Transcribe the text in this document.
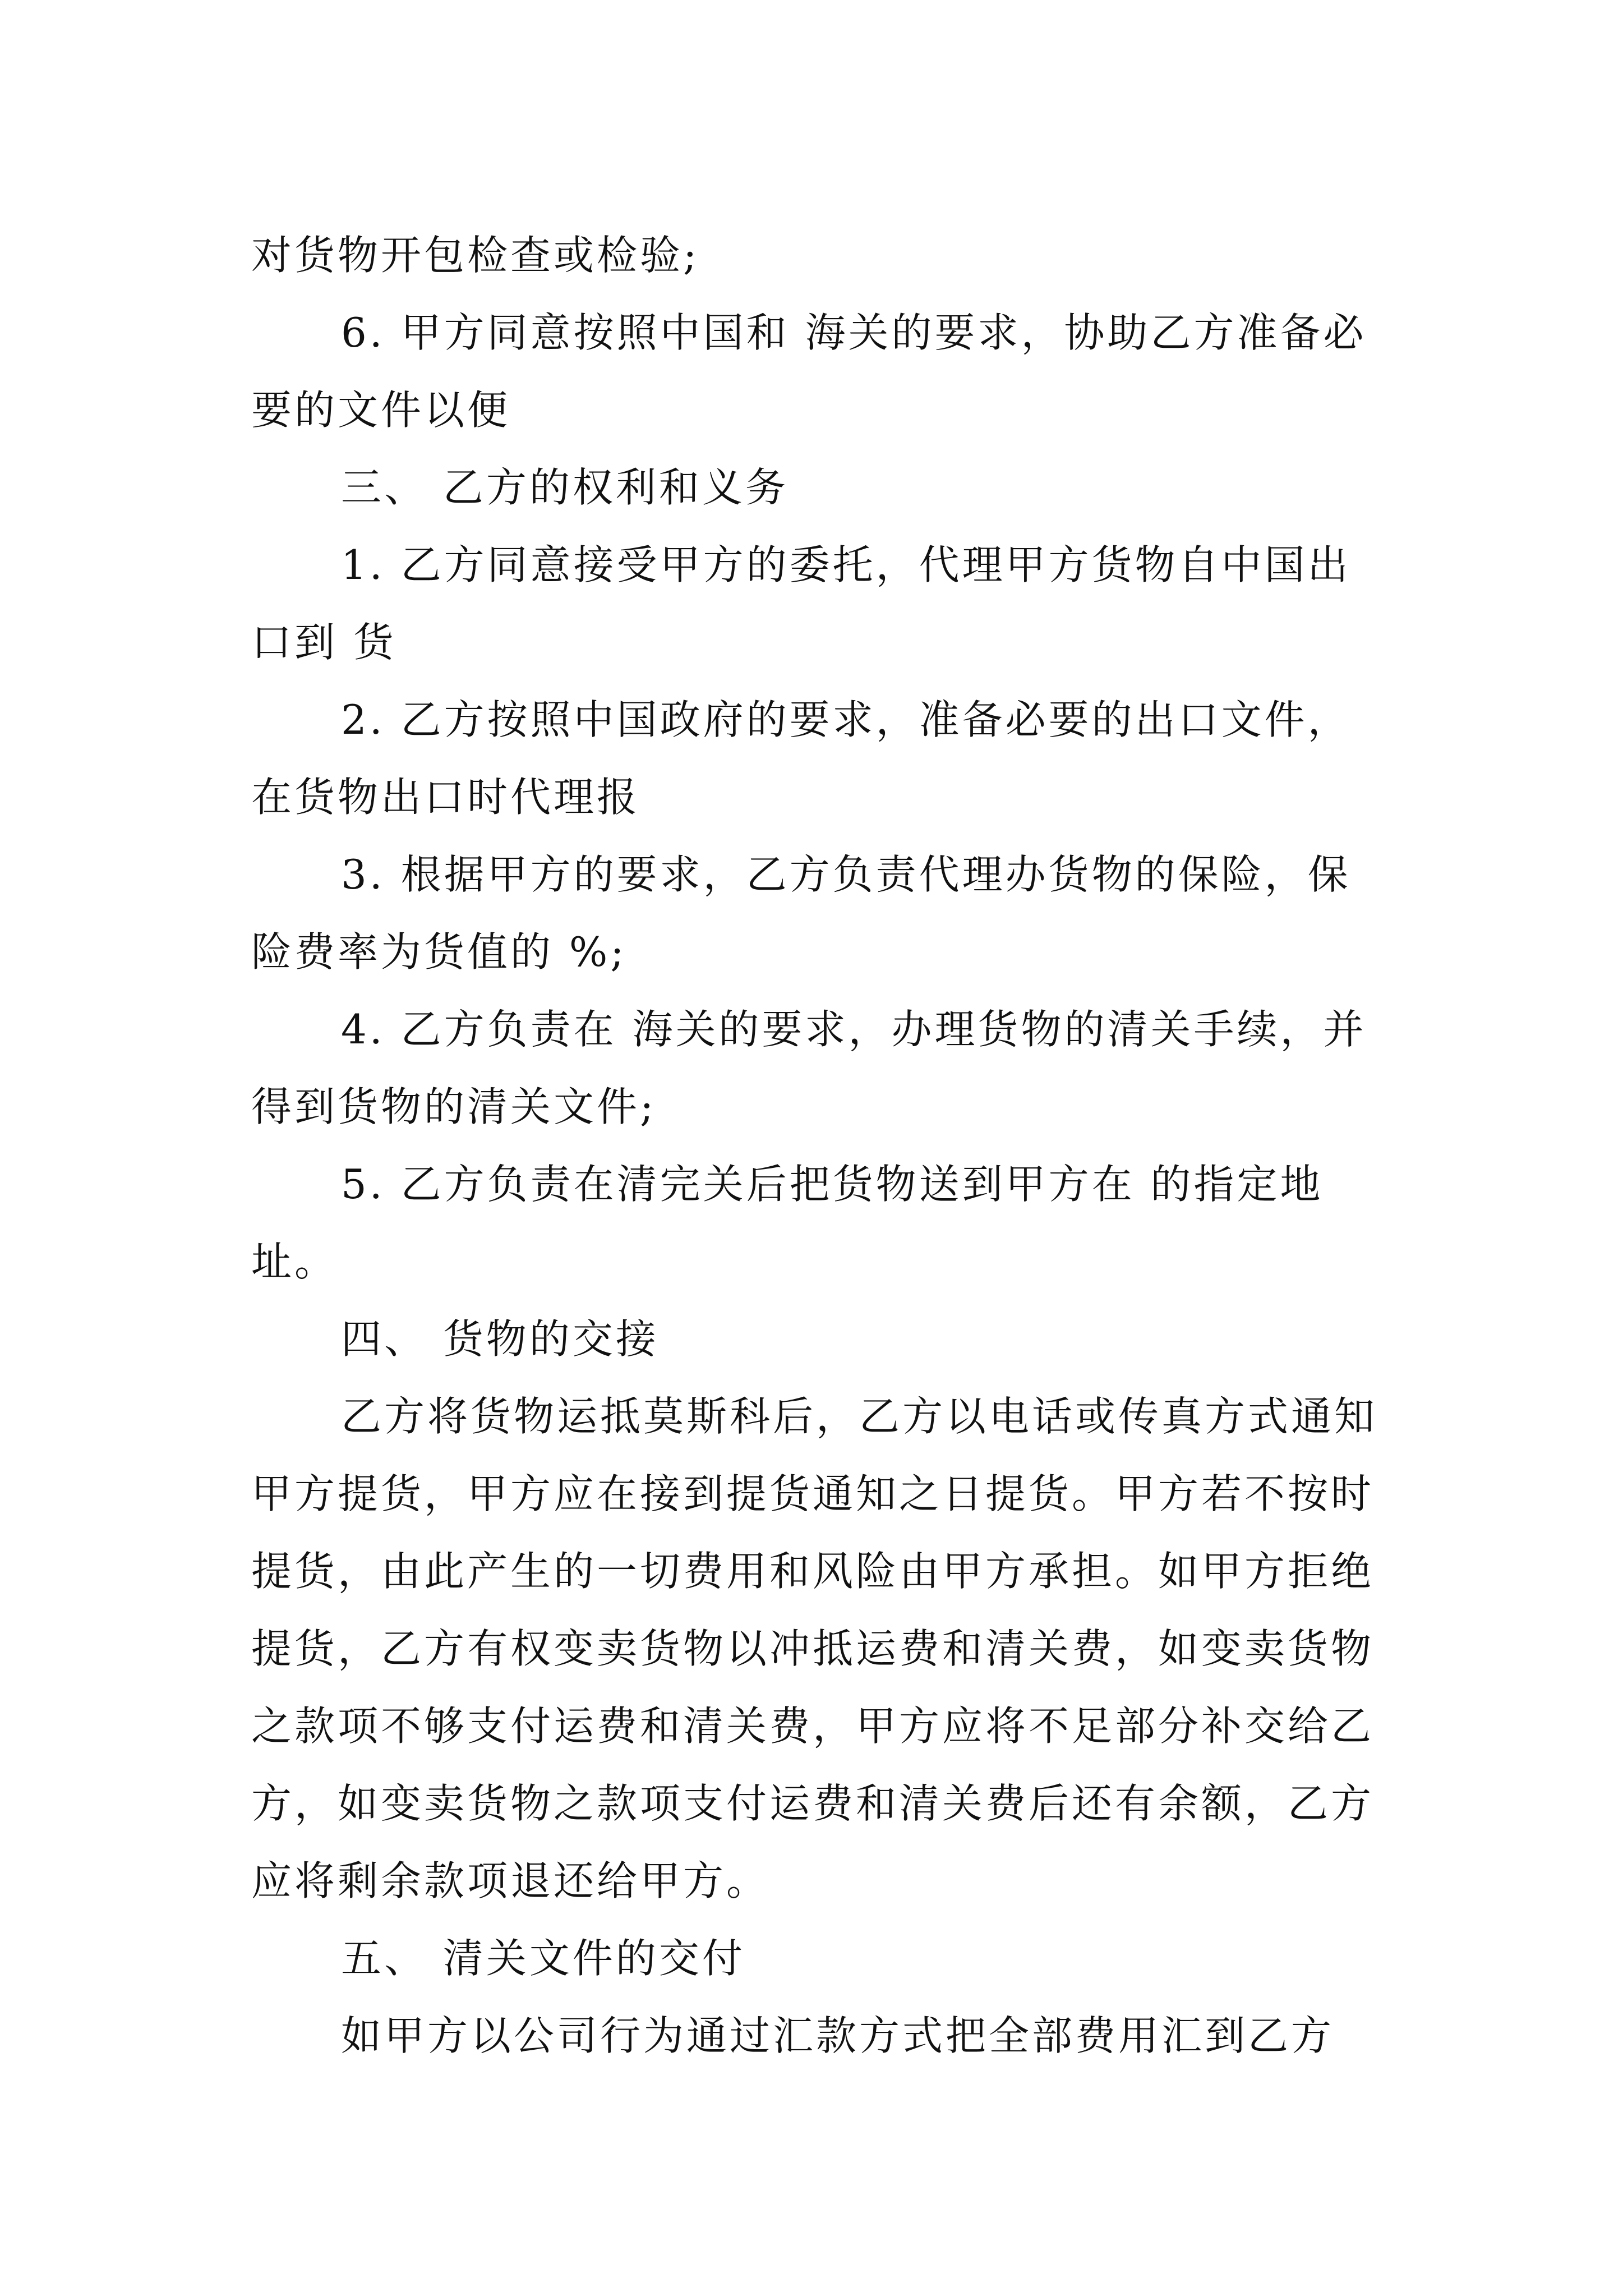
对货物开包检查或检验;
6. 甲方同意按照中国和 海关的要求，协助乙方准备必
要的文件以便
三、 乙方的权利和义务
1. 乙方同意接受甲方的委托，代理甲方货物自中国出
口到 货
2. 乙方按照中国政府的要求，准备必要的出口文件，
在货物出口时代理报
3. 根据甲方的要求，乙方负责代理办货物的保险，保
险费率为货值的 %;
4. 乙方负责在 海关的要求，办理货物的清关手续，并
得到货物的清关文件;
5. 乙方负责在清完关后把货物送到甲方在 的指定地
址。
四、 货物的交接
乙方将货物运抵莫斯科后，乙方以电话或传真方式通知
甲方提货，甲方应在接到提货通知之日提货。甲方若不按时
提货，由此产生的一切费用和风险由甲方承担。如甲方拒绝
提货，乙方有权变卖货物以冲抵运费和清关费，如变卖货物
之款项不够支付运费和清关费，甲方应将不足部分补交给乙
方，如变卖货物之款项支付运费和清关费后还有余额，乙方
应将剩余款项退还给甲方。
五、 清关文件的交付
如甲方以公司行为通过汇款方式把全部费用汇到乙方
